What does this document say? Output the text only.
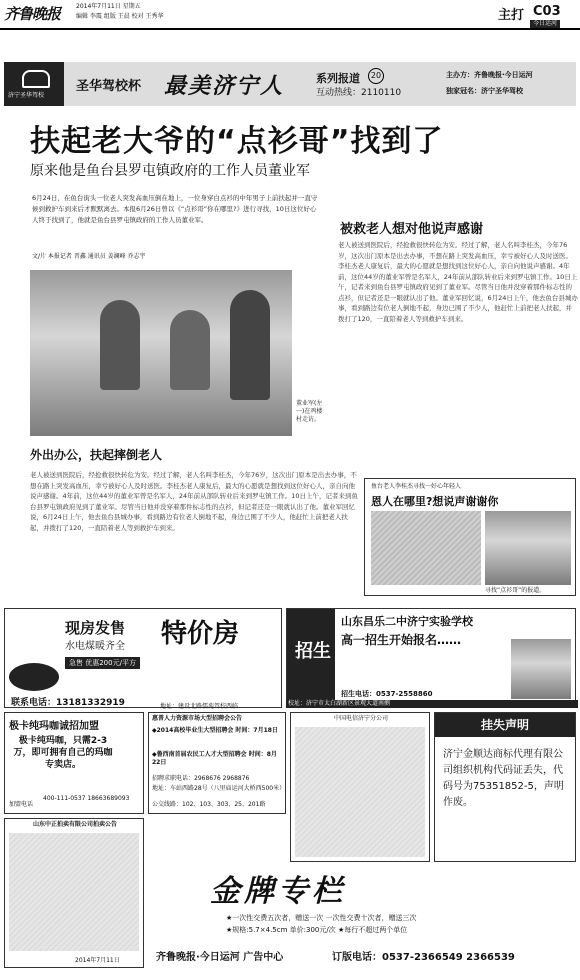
齐鲁晚报	2014年7月11日 星期五
编辑 李震 组版 王晨 校对 王秀华	主打 C03
今日运河
济宁圣华驾校
圣华驾校杯 最美济宁人	系列报道	20
互动热线：2110110
主办方：齐鲁晚报·今日运河
独家冠名：济宁圣华驾校
扶起老大爷的“点衫哥”找到了
原来他是鱼台县罗屯镇政府的工作人员董业军
6月24日，在鱼台街头一位老人突发高血压倒在地上，一位身穿白点衫的中年男子上前扶起并一直守候到救护车到来后才默默离去。本报6月26日曾以《“点衫哥”你在哪里?》进行寻找，10日这位好心人终于找到了，他就是鱼台县罗屯镇政府的工作人员董业军。
文/片 本报记者 晋鑫 通讯员 姜澜峰 乔志宇
被救老人想对他说声感谢
董业军(左一)在鸡楼村走访。
老人被送到医院后，经抢救很快转危为安。经过了解，老人名叫李桂杰，今年76岁，这次出门原本是出去办事，不想在路上突发高血压，幸亏被好心人及时送医。李桂杰老人康复后，最大的心愿就是想找到这位好心人，亲自向他说声感谢。4年前，这位44岁的董业军曾是名军人，24年前从部队转业后来到罗屯镇工作。10日上午，记者来到鱼台县罗屯镇政府见到了董业军。尽管当日他并没穿着那件标志性的点衫，但记者还是一眼就认出了他。董业军回忆说，6月24日上午，他去鱼台县城办事，看到路边有位老人倒地不起，身边已围了不少人，他赶忙上前把老人扶起，并拨打了120，一直陪着老人等到救护车到来。
外出办公，扶起摔倒老人
老人被送到医院后，经抢救很快转危为安。经过了解，老人名叫李桂杰，今年76岁，这次出门原本是出去办事，不想在路上突发高血压，幸亏被好心人及时送医。李桂杰老人康复后，最大的心愿就是想找到这位好心人，亲自向他说声感谢。4年前，这位44岁的董业军曾是名军人，24年前从部队转业后来到罗屯镇工作。10日上午，记者来到鱼台县罗屯镇政府见到了董业军。尽管当日他并没穿着那件标志性的点衫，但记者还是一眼就认出了他。董业军回忆说，6月24日上午，他去鱼台县城办事，看到路边有位老人倒地不起，身边已围了不少人，他赶忙上前把老人扶起，并拨打了120，一直陪着老人等到救护车到来。
鱼台老人李桂杰寻找一好心年轻人
恩人在哪里?想说声谢谢你
寻找“点衫哥”的报道。
现房发售
水电煤暖齐全 特价房
急售 优惠200元/平方
联系电话：13181332919	地址：建设北路儒苑驾校西临
招生
山东昌乐二中济宁实验学校
高一招生开始报名……
招生电话：0537-2558860
校址：济宁市太白湖新区景观大道南侧
极卡纯玛咖诚招加盟
极卡纯玛咖，只需2-3万，即可拥有自己的玛咖专卖店。
加盟电话
400-111-0537 18663689093
惠普人力资源市场大型招聘会公告
◆2014高校毕业生大型招聘会 时间：7月18日
◆鲁西南首届农民工人才大型招聘会 时间：8月22日
招聘求职电话：2968676 2968876
地址：车站西路28号（八里庙运河大桥西500米）
公交线路：102、103、303、25、201路
中国电信济宁分公司	挂失声明
济宁金顺达商标代理有限公司组织机构代码证丢失，代码号为75351852-5，声明作废。
山东中正拍卖有限公司拍卖公告
2014年7月11日
金牌专栏
★一次性交费五次者，赠送一次 一次性交费十次者，赠送三次
★规格:5.7×4.5cm 单价:300元/次 ★每行不超过两个单位
齐鲁晚报·今日运河 广告中心	订版电话：0537-2366549 2366539
